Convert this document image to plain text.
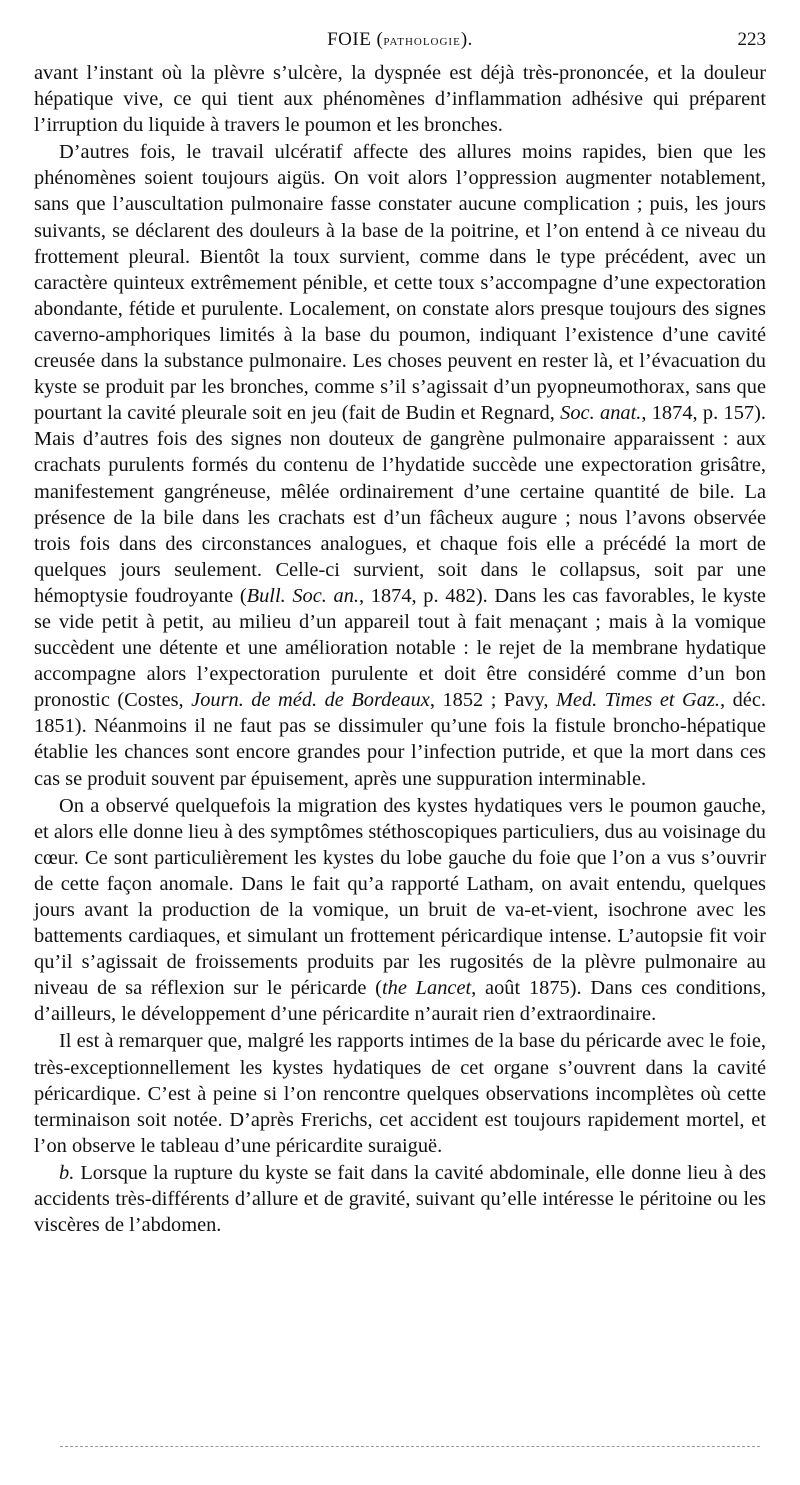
FOIE (pathologie).	223

avant l’instant où la plèvre s’ulcère, la dyspnée est déjà très-prononcée, et la douleur hépatique vive, ce qui tient aux phénomènes d’inflammation adhésive qui préparent l’irruption du liquide à travers le poumon et les bronches.

D’autres fois, le travail ulcératif affecte des allures moins rapides, bien que les phénomènes soient toujours aigüs. On voit alors l’oppression augmenter notablement, sans que l’auscultation pulmonaire fasse constater aucune complication ; puis, les jours suivants, se déclarent des douleurs à la base de la poitrine, et l’on entend à ce niveau du frottement pleural. Bientôt la toux survient, comme dans le type précédent, avec un caractère quinteux extrêmement pénible, et cette toux s’accompagne d’une expectoration abondante, fétide et purulente. Localement, on constate alors presque toujours des signes caverno-amphoriques limités à la base du poumon, indiquant l’existence d’une cavité creusée dans la substance pulmonaire. Les choses peuvent en rester là, et l’évacuation du kyste se produit par les bronches, comme s’il s’agissait d’un pyopneumothorax, sans que pourtant la cavité pleurale soit en jeu (fait de Budin et Regnard, Soc. anat., 1874, p. 157). Mais d’autres fois des signes non douteux de gangrène pulmonaire apparaissent : aux crachats purulents formés du contenu de l’hydatide succède une expectoration grisâtre, manifestement gangréneuse, mêlée ordinairement d’une certaine quantité de bile. La présence de la bile dans les crachats est d’un fâcheux augure ; nous l’avons observée trois fois dans des circonstances analogues, et chaque fois elle a précédé la mort de quelques jours seulement. Celle-ci survient, soit dans le collapsus, soit par une hémoptysie foudroyante (Bull. Soc. an., 1874, p. 482). Dans les cas favorables, le kyste se vide petit à petit, au milieu d’un appareil tout à fait menaçant ; mais à la vomique succèdent une détente et une amélioration notable : le rejet de la membrane hydatique accompagne alors l’expectoration purulente et doit être considéré comme d’un bon pronostic (Costes, Journ. de méd. de Bordeaux, 1852 ; Pavy, Med. Times et Gaz., déc. 1851). Néanmoins il ne faut pas se dissimuler qu’une fois la fistule broncho-hépatique établie les chances sont encore grandes pour l’infection putride, et que la mort dans ces cas se produit souvent par épuisement, après une suppuration interminable.

On a observé quelquefois la migration des kystes hydatiques vers le poumon gauche, et alors elle donne lieu à des symptômes stéthoscopiques particuliers, dus au voisinage du cœur. Ce sont particulièrement les kystes du lobe gauche du foie que l’on a vus s’ouvrir de cette façon anomale. Dans le fait qu’a rapporté Latham, on avait entendu, quelques jours avant la production de la vomique, un bruit de va-et-vient, isochrone avec les battements cardiaques, et simulant un frottement péricardique intense. L’autopsie fit voir qu’il s’agissait de froissements produits par les rugosités de la plèvre pulmonaire au niveau de sa réflexion sur le péricarde (the Lancet, août 1875). Dans ces conditions, d’ailleurs, le développement d’une péricardite n’aurait rien d’extraordinaire.

Il est à remarquer que, malgré les rapports intimes de la base du péricarde avec le foie, très-exceptionnellement les kystes hydatiques de cet organe s’ouvrent dans la cavité péricardique. C’est à peine si l’on rencontre quelques observations incomplètes où cette terminaison soit notée. D’après Frerichs, cet accident est toujours rapidement mortel, et l’on observe le tableau d’une péricardite suraiguë.

b. Lorsque la rupture du kyste se fait dans la cavité abdominale, elle donne lieu à des accidents très-différents d’allure et de gravité, suivant qu’elle intéresse le péritoine ou les viscères de l’abdomen.
